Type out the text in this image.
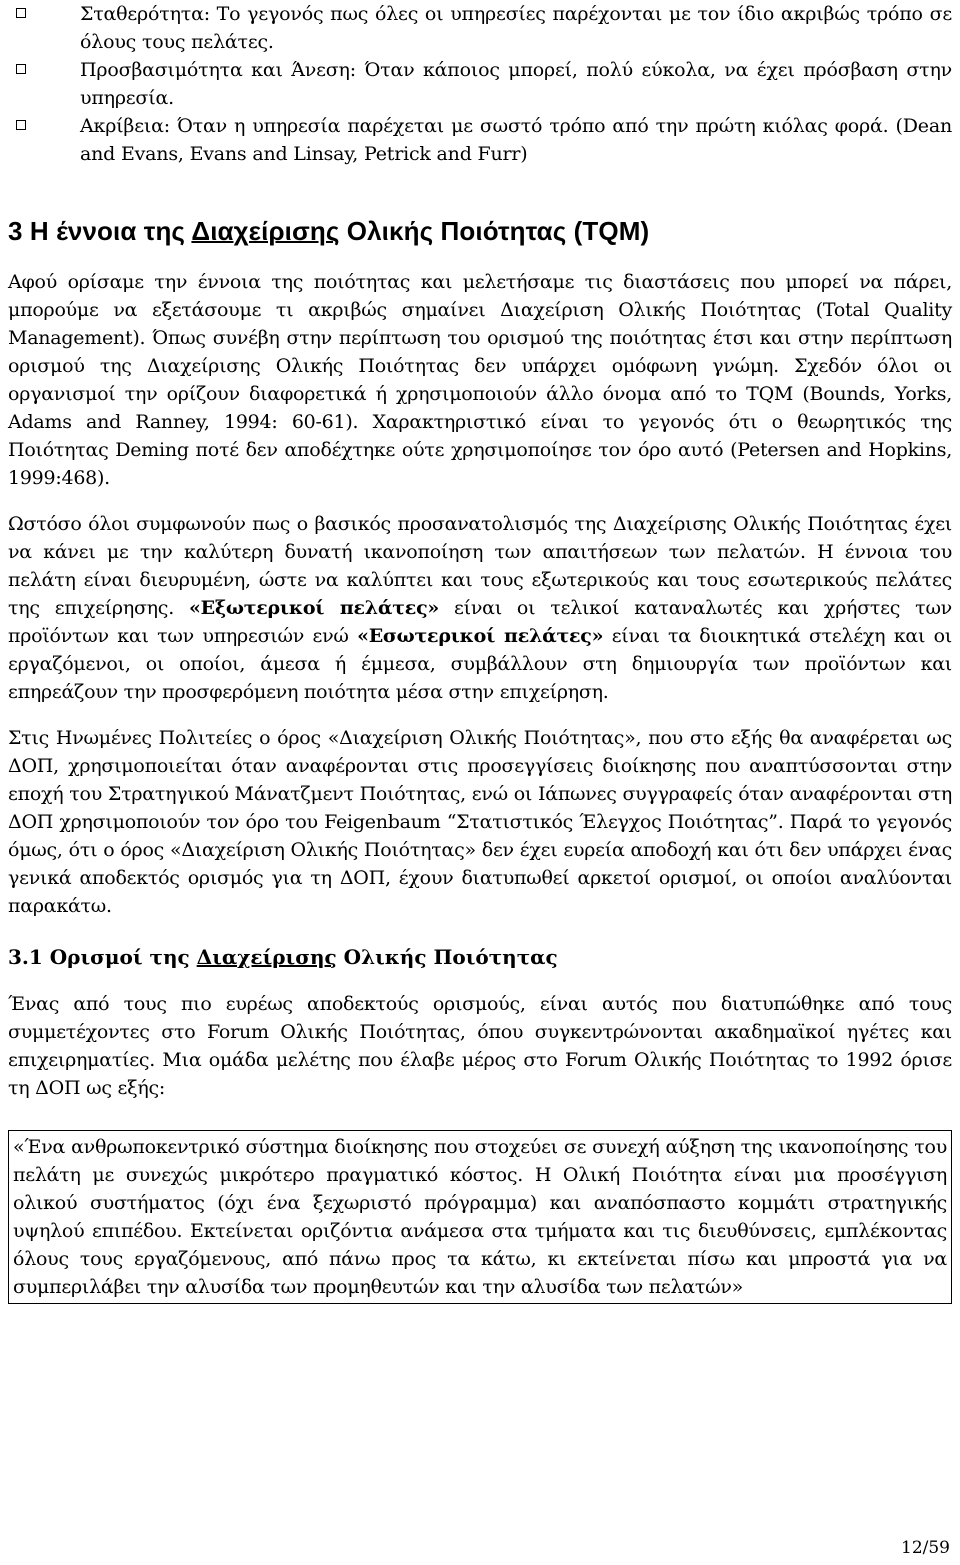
Σταθερότητα: Το γεγονός πως όλες οι υπηρεσίες παρέχονται με τον ίδιο ακριβώς τρόπο σε όλους τους πελάτες.
Προσβασιμότητα και Άνεση: Όταν κάποιος μπορεί, πολύ εύκολα, να έχει πρόσβαση στην υπηρεσία.
Ακρίβεια: Όταν η υπηρεσία παρέχεται με σωστό τρόπο από την πρώτη κιόλας φορά. (Dean and Evans, Evans and Linsay, Petrick and Furr)
3 Η έννοια της Διαχείρισης Ολικής Ποιότητας (TQM)

Αφού ορίσαμε την έννοια της ποιότητας και μελετήσαμε τις διαστάσεις που μπορεί να πάρει, μπορούμε να εξετάσουμε τι ακριβώς σημαίνει Διαχείριση Ολικής Ποιότητας (Total Quality Management). Όπως συνέβη στην περίπτωση του ορισμού της ποιότητας έτσι και στην περίπτωση ορισμού της Διαχείρισης Ολικής Ποιότητας δεν υπάρχει ομόφωνη γνώμη. Σχεδόν όλοι οι οργανισμοί την ορίζουν διαφορετικά ή χρησιμοποιούν άλλο όνομα από το TQM (Bounds, Yorks, Adams and Ranney, 1994: 60-61). Χαρακτηριστικό είναι το γεγονός ότι ο θεωρητικός της Ποιότητας Deming ποτέ δεν αποδέχτηκε ούτε χρησιμοποίησε τον όρο αυτό (Petersen and Hopkins, 1999:468).

Ωστόσο όλοι συμφωνούν πως ο βασικός προσανατολισμός της Διαχείρισης Ολικής Ποιότητας έχει να κάνει με την καλύτερη δυνατή ικανοποίηση των απαιτήσεων των πελατών. Η έννοια του πελάτη είναι διευρυμένη, ώστε να καλύπτει και τους εξωτερικούς και τους εσωτερικούς πελάτες της επιχείρησης. «Εξωτερικοί πελάτες» είναι οι τελικοί καταναλωτές και χρήστες των προϊόντων και των υπηρεσιών ενώ «Εσωτερικοί πελάτες» είναι τα διοικητικά στελέχη και οι εργαζόμενοι, οι οποίοι, άμεσα ή έμμεσα, συμβάλλουν στη δημιουργία των προϊόντων και επηρεάζουν την προσφερόμενη ποιότητα μέσα στην επιχείρηση.

Στις Ηνωμένες Πολιτείες ο όρος «Διαχείριση Ολικής Ποιότητας», που στο εξής θα αναφέρεται ως ΔΟΠ, χρησιμοποιείται όταν αναφέρονται στις προσεγγίσεις διοίκησης που αναπτύσσονται στην εποχή του Στρατηγικού Μάνατζμεντ Ποιότητας, ενώ οι Ιάπωνες συγγραφείς όταν αναφέρονται στη ΔΟΠ χρησιμοποιούν τον όρο του Feigenbaum “Στατιστικός Έλεγχος Ποιότητας”. Παρά το γεγονός όμως, ότι ο όρος «Διαχείριση Ολικής Ποιότητας» δεν έχει ευρεία αποδοχή και ότι δεν υπάρχει ένας γενικά αποδεκτός ορισμός για τη ΔΟΠ, έχουν διατυπωθεί αρκετοί ορισμοί, οι οποίοι αναλύονται παρακάτω.

3.1 Ορισμοί της Διαχείρισης Ολικής Ποιότητας

Ένας από τους πιο ευρέως αποδεκτούς ορισμούς, είναι αυτός που διατυπώθηκε από τους συμμετέχοντες στο Forum Ολικής Ποιότητας, όπου συγκεντρώνονται ακαδημαϊκοί ηγέτες και επιχειρηματίες. Μια ομάδα μελέτης που έλαβε μέρος στο Forum Ολικής Ποιότητας το 1992 όρισε τη ΔΟΠ ως εξής:

«Ένα ανθρωποκεντρικό σύστημα διοίκησης που στοχεύει σε συνεχή αύξηση της ικανοποίησης του πελάτη με συνεχώς μικρότερο πραγματικό κόστος. Η Ολική Ποιότητα είναι μια προσέγγιση ολικού συστήματος (όχι ένα ξεχωριστό πρόγραμμα) και αναπόσπαστο κομμάτι στρατηγικής υψηλού επιπέδου. Εκτείνεται οριζόντια ανάμεσα στα τμήματα και τις διευθύνσεις, εμπλέκοντας όλους τους εργαζόμενους, από πάνω προς τα κάτω, κι εκτείνεται πίσω και μπροστά για να συμπεριλάβει την αλυσίδα των προμηθευτών και την αλυσίδα των πελατών»
12/59
